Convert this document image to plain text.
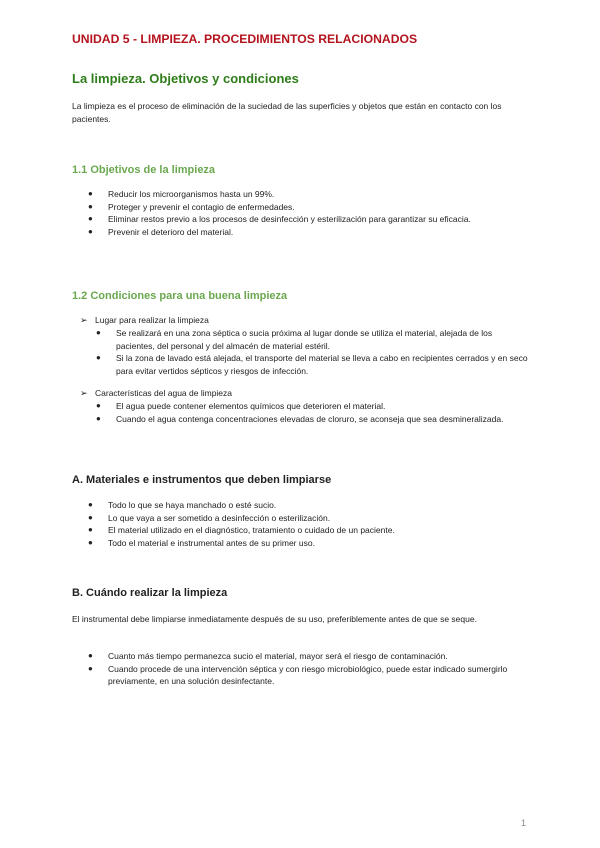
UNIDAD 5 - LIMPIEZA. PROCEDIMIENTOS RELACIONADOS
La limpieza. Objetivos y condiciones

La limpieza es el proceso de eliminación de la suciedad de las superficies y objetos que están en contacto con los pacientes.

1.1 Objetivos de la limpieza
● Reducir los microorganismos hasta un 99%.
● Proteger y prevenir el contagio de enfermedades.
● Eliminar restos previo a los procesos de desinfección y esterilización para garantizar su eficacia.
● Prevenir el deterioro del material.
1.2 Condiciones para una buena limpieza
➢ Lugar para realizar la limpieza
● Se realizará en una zona séptica o sucia próxima al lugar donde se utiliza el material, alejada de los pacientes, del personal y del almacén de material estéril.
● Si la zona de lavado está alejada, el transporte del material se lleva a cabo en recipientes cerrados y en seco para evitar vertidos sépticos y riesgos de infección.
➢ Características del agua de limpieza
● El agua puede contener elementos químicos que deterioren el material.
● Cuando el agua contenga concentraciones elevadas de cloruro, se aconseja que sea desmineralizada.
A. Materiales e instrumentos que deben limpiarse
● Todo lo que se haya manchado o esté sucio.
● Lo que vaya a ser sometido a desinfección o esterilización.
● El material utilizado en el diagnóstico, tratamiento o cuidado de un paciente.
● Todo el material e instrumental antes de su primer uso.
B. Cuándo realizar la limpieza

El instrumental debe limpiarse inmediatamente después de su uso, preferiblemente antes de que se seque.

● Cuanto más tiempo permanezca sucio el material, mayor será el riesgo de contaminación.
● Cuando procede de una intervención séptica y con riesgo microbiológico, puede estar indicado sumergirlo previamente, en una solución desinfectante.
1
